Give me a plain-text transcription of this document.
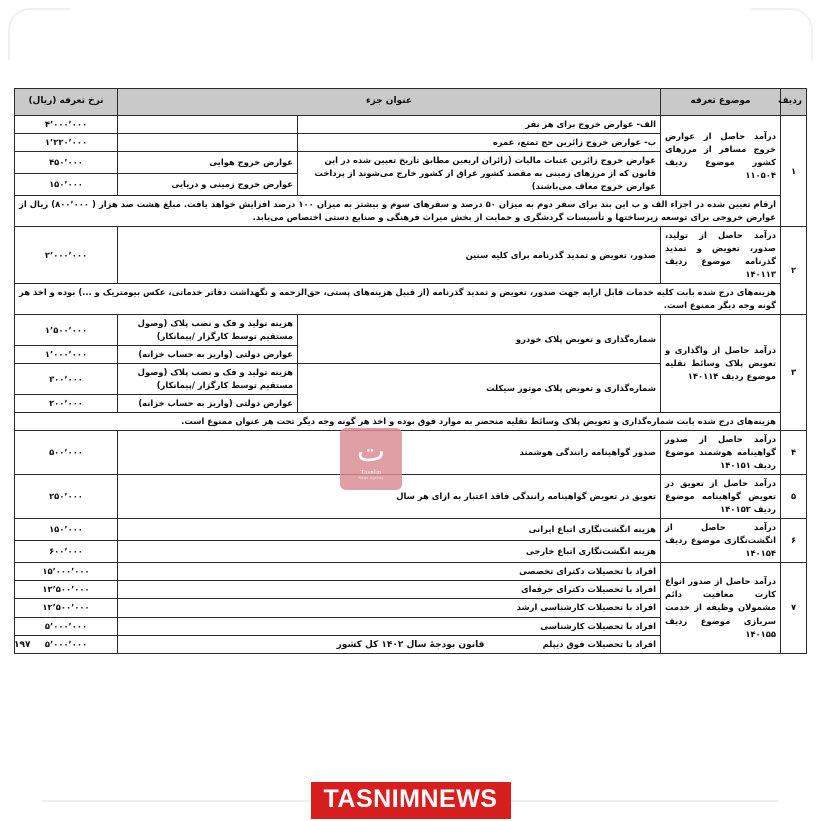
ردیف	موضوع تعرفه	عنوان جزء		نرخ تعرفه (ریال)
۱	درآمد حاصل از عوارض خروج مسافر از مرزهای کشور موضوع ردیف ۱۱۰۵۰۴	الف- عوارض خروج برای هر نفر		۴٬۰۰۰٬۰۰۰
		ب- عوارض خروج زائرین حج تمتع، عمره		۱٬۲۲۰٬۰۰۰
		عوارض خروج زائرین عتبات مالیات (زائران اربعین مطابق تاریخ تعیین شده در این قانون که از مرزهای زمینی به مقصد کشور عراق از کشور خارج می‌شوند از پرداخت عوارض خروج معاف می‌باشند)	عوارض خروج هوایی	۴۵۰٬۰۰۰
			عوارض خروج زمینی و دریایی	۱۵۰٬۰۰۰
	ارقام تعیین شده در اجزاء الف و ب این بند برای سفر دوم به میزان ۵۰ درصد و سفرهای سوم و بیشتر به میزان ۱۰۰ درصد افزایش خواهد یافت. مبلغ هشت صد هزار ( ۸۰۰٬۰۰۰) ریال از عوارض خروجی برای توسعه زیرساختها و تأسیسات گردشگری و حمایت از بخش میراث فرهنگی و صنایع دستی اختصاص می‌یابد.			
۲	درآمد حاصل از تولید، صدور، تعویض و تمدید گذرنامه موضوع ردیف ۱۴۰۱۱۳	صدور، تعویض و تمدید گذرنامه برای کلیه سنین		۲٬۰۰۰٬۰۰۰
	هزینه‌های درج شده بابت کلیه خدمات قابل ارایه جهت صدور، تعویض و تمدید گذرنامه (از قبیل هزینه‌های پستی، حق‌الزحمه و نگهداشت دفاتر خدماتی، عکس بیومتریک و ...) بوده و اخذ هر گونه وجه دیگر ممنوع است.			
۳	درآمد حاصل از واگذاری و تعویض پلاک وسائط نقلیه موضوع ردیف ۱۴۰۱۱۴	شماره‌گذاری و تعویض پلاک خودرو	هزینه تولید و فک و نصب پلاک (وصول مستقیم توسط کارگزار /پیمانکار)	۱٬۵۰۰٬۰۰۰
			عوارض دولتی (واریز به حساب خزانه)	۱٬۰۰۰٬۰۰۰
		شماره‌گذاری و تعویض پلاک موتور سیکلت	هزینه تولید و فک و نصب پلاک (وصول مستقیم توسط کارگزار /پیمانکار)	۳۰۰٬۰۰۰
			عوارض دولتی (واریز به حساب خزانه)	۲۰۰٬۰۰۰
	هزینه‌های درج شده بابت شماره‌گذاری و تعویض پلاک وسائط نقلیه منحصر به موارد فوق بوده و اخذ هر گونه وجه دیگر تحت هر عنوان ممنوع است.			
۴	درآمد حاصل از صدور گواهینامه هوشمند موضوع ردیف ۱۴۰۱۵۱	صدور گواهینامه رانندگی هوشمند		۵۰۰٬۰۰۰
۵	درآمد حاصل از تعویق در تعویض گواهینامه موضوع ردیف ۱۴۰۱۵۲	تعویق در تعویض گواهینامه رانندگی فاقد اعتبار به ازای هر سال		۲۵۰٬۰۰۰
۶	درآمد حاصل از انگشت‌نگاری موضوع ردیف ۱۴۰۱۵۴	هزینه انگشت‌نگاری اتباع ایرانی		۱۵۰٬۰۰۰
		هزینه انگشت‌نگاری اتباع خارجی		۶۰۰٬۰۰۰
۷	درآمد حاصل از صدور انواع کارت معافیت دائم مشمولان وظیفه از خدمت سربازی موضوع ردیف ۱۴۰۱۵۵	افراد با تحصیلات دکترای تخصصی		۱۵٬۰۰۰٬۰۰۰
		افراد با تحصیلات دکترای حرفه‌ای		۱۲٬۵۰۰٬۰۰۰
		افراد با تحصیلات کارشناسی ارشد		۱۲٬۵۰۰٬۰۰۰
		افراد با تحصیلات کارشناسی		۵٬۰۰۰٬۰۰۰
		افراد با تحصیلات فوق دیپلم		۵٬۰۰۰٬۰۰۰
ت
Tasnim
News Agency
قانون بودجهٔ سال ۱۴۰۲ کل کشور
۱۹۷
TASNIMNEWS
